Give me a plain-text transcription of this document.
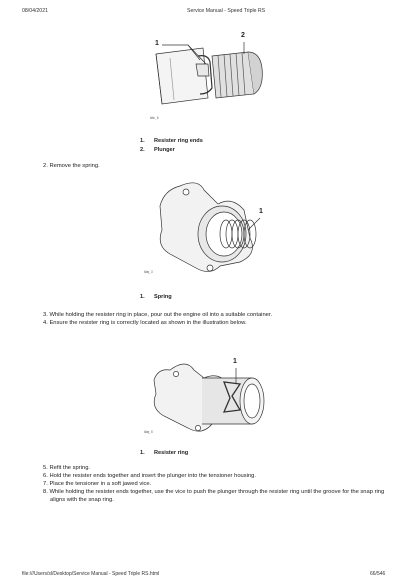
08/04/2021	Service Manual - Speed Triple RS
1
2
tibc_6
1. Resister ring ends
2. Plunger
2. Remove the spring.
1
tibq_3
1. Spring
3. While holding the resister ring in place, pour out the engine oil into a suitable container.
4. Ensure the resister ring is correctly located as shown in the illustration below.
1
tibq_5
1. Resister ring
5. Refit the spring.
6. Hold the resister ends together and insert the plunger into the tensioner housing.
7. Place the tensioner in a soft jawed vice.
8. While holding the resister ends together, use the vice to push the plunger through the resister ring until the groove for the snap ring
aligns with the snap ring.
file:///Users/sl/Desktop/Service Manual - Speed Triple RS.html	66/546
